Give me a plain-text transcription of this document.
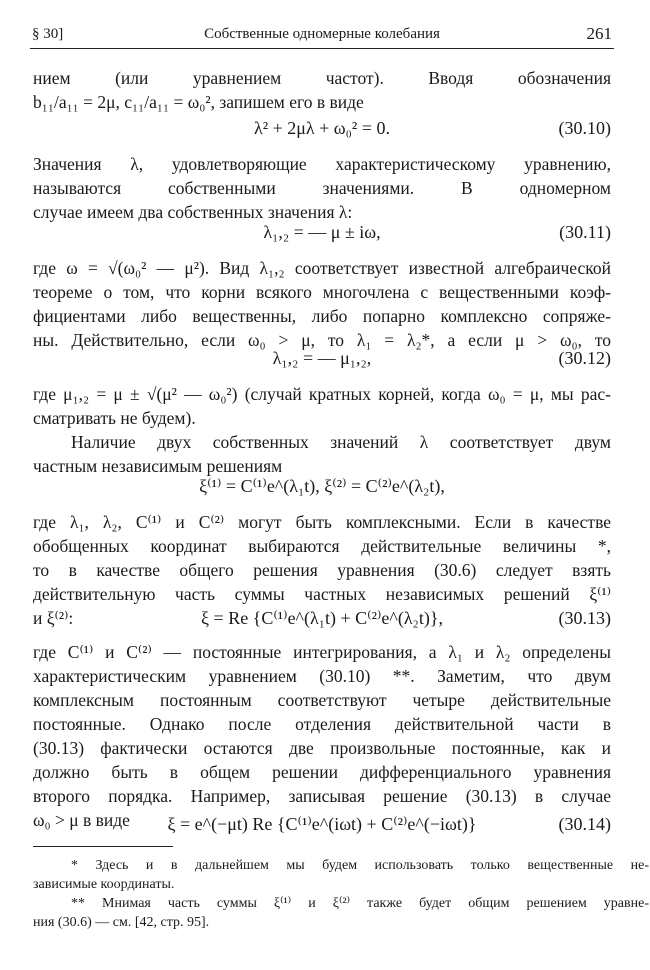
§ 30]	Собственные одномерные колебания	261
нием (или уравнением частот). Вводя обозначения
b₁₁/a₁₁ = 2μ, c₁₁/a₁₁ = ω₀², запишем его в виде
λ² + 2μλ + ω₀² = 0.	(30.10)
Значения λ, удовлетворяющие характеристическому уравнению,
называются собственными значениями. В одномерном
случае имеем два собственных значения λ:
λ₁,₂ = — μ ± iω,	(30.11)
где ω = √(ω₀² — μ²). Вид λ₁,₂ соответствует известной алгебраической
теореме о том, что корни всякого многочлена с вещественными коэф-
фициентами либо вещественны, либо попарно комплексно сопряже-
ны. Действительно, если ω₀ > μ, то λ₁ = λ₂*, а если μ > ω₀, то
λ₁,₂ = — μ₁,₂,	(30.12)
где μ₁,₂ = μ ± √(μ² — ω₀²) (случай кратных корней, когда ω₀ = μ, мы рас-
сматривать не будем).
Наличие двух собственных значений λ соответствует двум
частным независимым решениям
ξ⁽¹⁾ = C⁽¹⁾e^(λ₁t), ξ⁽²⁾ = C⁽²⁾e^(λ₂t),
где λ₁, λ₂, C⁽¹⁾ и C⁽²⁾ могут быть комплексными. Если в качестве
обобщенных координат выбираются действительные величины *,
то в качестве общего решения уравнения (30.6) следует взять
действительную часть суммы частных независимых решений ξ⁽¹⁾
и ξ⁽²⁾:	ξ = Re {C⁽¹⁾e^(λ₁t) + C⁽²⁾e^(λ₂t)},	(30.13)
где C⁽¹⁾ и C⁽²⁾ — постоянные интегрирования, а λ₁ и λ₂ определены
характеристическим уравнением (30.10) **. Заметим, что двум
комплексным постоянным соответствуют четыре действительные
постоянные. Однако после отделения действительной части в
(30.13) фактически остаются две произвольные постоянные, как и
должно быть в общем решении дифференциального уравнения
второго порядка. Например, записывая решение (30.13) в случае
ω₀ > μ в виде	ξ = e^(−μt) Re {C⁽¹⁾e^(iωt) + C⁽²⁾e^(−iωt)}	(30.14)
* Здесь и в дальнейшем мы будем использовать только вещественные не-
зависимые координаты.
** Мнимая часть суммы ξ⁽¹⁾ и ξ⁽²⁾ также будет общим решением уравне-
ния (30.6) — см. [42, стр. 95].
